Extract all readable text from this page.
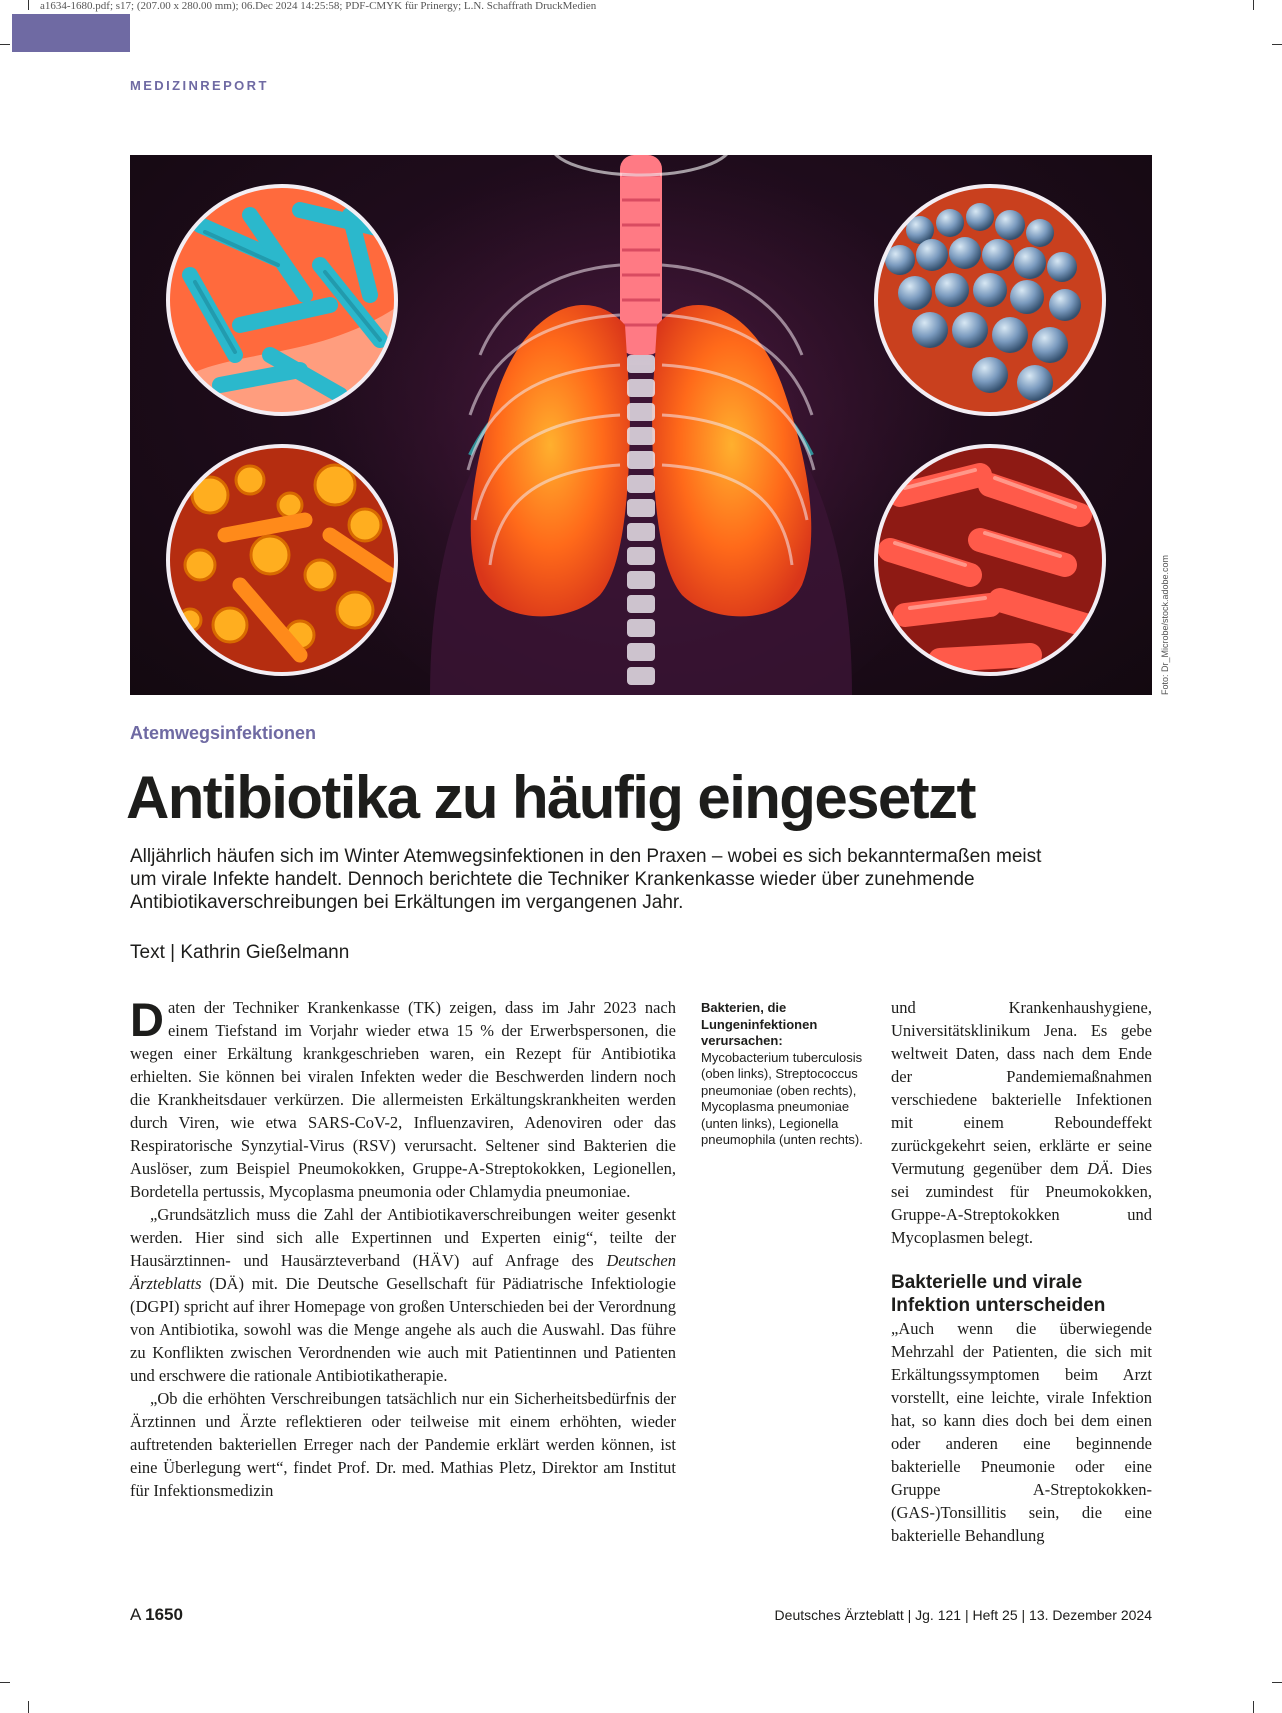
a1634-1680.pdf; s17; (207.00 x 280.00 mm); 06.Dec 2024 14:25:58; PDF-CMYK für Prinergy; L.N. Schaffrath DruckMedien
MEDIZINREPORT
Foto: Dr_Microbe/stock.adobe.com
Atemwegsinfektionen
Antibiotika zu häufig eingesetzt

Alljährlich häufen sich im Winter Atemwegsinfektionen in den Praxen – wobei es sich bekanntermaßen meist um virale Infekte handelt. Dennoch berichtete die Techniker Krankenkasse wieder über zunehmende Antibiotikaverschreibungen bei Erkältungen im vergangenen Jahr.

Text | Kathrin Gießelmann

Daten der Techniker Krankenkasse (TK) zeigen, dass im Jahr 2023 nach einem Tiefstand im Vorjahr wieder etwa 15 % der Erwerbspersonen, die wegen einer Erkältung krankgeschrieben waren, ein Rezept für Antibiotika erhielten. Sie können bei viralen Infekten weder die Beschwerden lindern noch die Krankheitsdauer verkürzen. Die allermeisten Erkältungskrankheiten werden durch Viren, wie etwa SARS-CoV-2, Influenzaviren, Adenoviren oder das Respiratorische Synzytial-Virus (RSV) verursacht. Seltener sind Bakterien die Auslöser, zum Beispiel Pneumokokken, Gruppe-A-Streptokokken, Legionellen, Bordetella pertussis, Mycoplasma pneumonia oder Chlamydia pneumoniae.

„Grundsätzlich muss die Zahl der Antibiotikaverschreibungen weiter gesenkt werden. Hier sind sich alle Expertinnen und Experten einig“, teilte der Hausärztinnen- und Hausärzteverband (HÄV) auf Anfrage des Deutschen Ärzteblatts (DÄ) mit. Die Deutsche Gesellschaft für Pädiatrische Infektiologie (DGPI) spricht auf ihrer Homepage von großen Unterschieden bei der Verordnung von Antibiotika, sowohl was die Menge angehe als auch die Auswahl. Das führe zu Konflikten zwischen Verordnenden wie auch mit Patientinnen und Patienten und erschwere die rationale Antibiotikatherapie.

„Ob die erhöhten Verschreibungen tatsächlich nur ein Sicherheitsbedürfnis der Ärztinnen und Ärzte reflektieren oder teilweise mit einem erhöhten, wieder auftretenden bakteriellen Erreger nach der Pandemie erklärt werden können, ist eine Überlegung wert“, findet Prof. Dr. med. Mathias Pletz, Direktor am Institut für Infektionsmedizin

Bakterien, die Lungeninfektionen verursachen:
Mycobacterium tuberculosis (oben links), Streptococcus pneumoniae (oben rechts), Mycoplasma pneumoniae (unten links), Legionella pneumophila (unten rechts).

und Krankenhaushygiene, Universitätsklinikum Jena. Es gebe weltweit Daten, dass nach dem Ende der Pandemiemaßnahmen verschiedene bakterielle Infektionen mit einem Reboundeffekt zurückgekehrt seien, erklärte er seine Vermutung gegenüber dem DÄ. Dies sei zumindest für Pneumokokken, Gruppe-A-Streptokokken und Mycoplasmen belegt.

Bakterielle und virale Infektion unterscheiden

„Auch wenn die überwiegende Mehrzahl der Patienten, die sich mit Erkältungssymptomen beim Arzt vorstellt, eine leichte, virale Infektion hat, so kann dies doch bei dem einen oder anderen eine beginnende bakterielle Pneumonie oder eine Gruppe A-Streptokokken-(GAS-)Tonsillitis sein, die eine bakterielle Behandlung

A 1650	Deutsches Ärzteblatt | Jg. 121 | Heft 25 | 13. Dezember 2024
